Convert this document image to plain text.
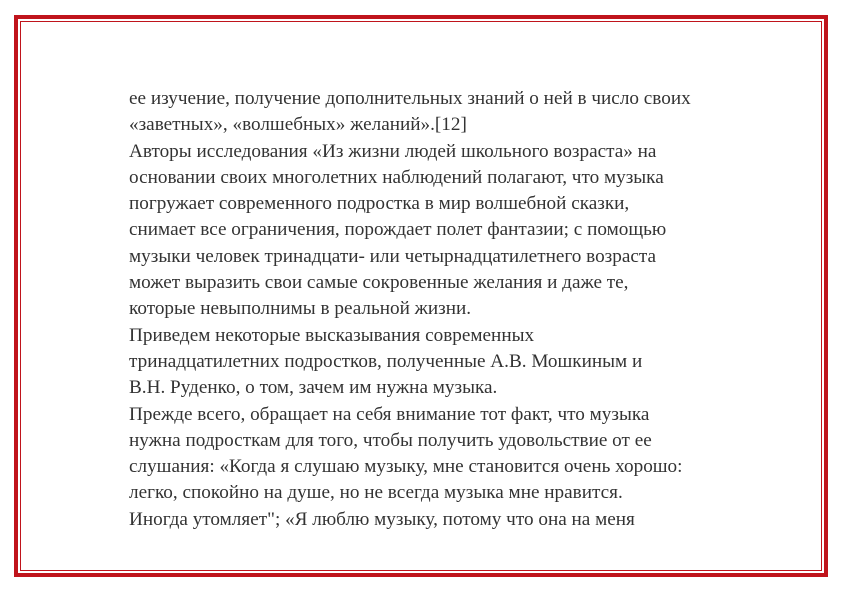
ее изучение, получение дополнительных знаний о ней в число своих
«заветных», «волшебных» желаний».[12]
Авторы исследования «Из жизни людей школьного возраста» на
основании своих многолетних наблюдений полагают, что музыка
погружает современного подростка в мир волшебной сказки,
снимает все ограничения, порождает полет фантазии; с помощью
музыки человек тринадцати- или четырнадцатилетнего возраста
может выразить свои самые сокровенные желания и даже те,
которые невыполнимы в реальной жизни.
Приведем некоторые высказывания современных
тринадцатилетних подростков, полученные А.В. Мошкиным и
В.Н. Руденко, о том, зачем им нужна музыка.
Прежде всего, обращает на себя внимание тот факт, что музыка
нужна подросткам для того, чтобы получить удовольствие от ее
слушания: «Когда я слушаю музыку, мне становится очень хорошо:
легко, спокойно на душе, но не всегда музыка мне нравится.
Иногда утомляет"; «Я люблю музыку, потому что она на меня
